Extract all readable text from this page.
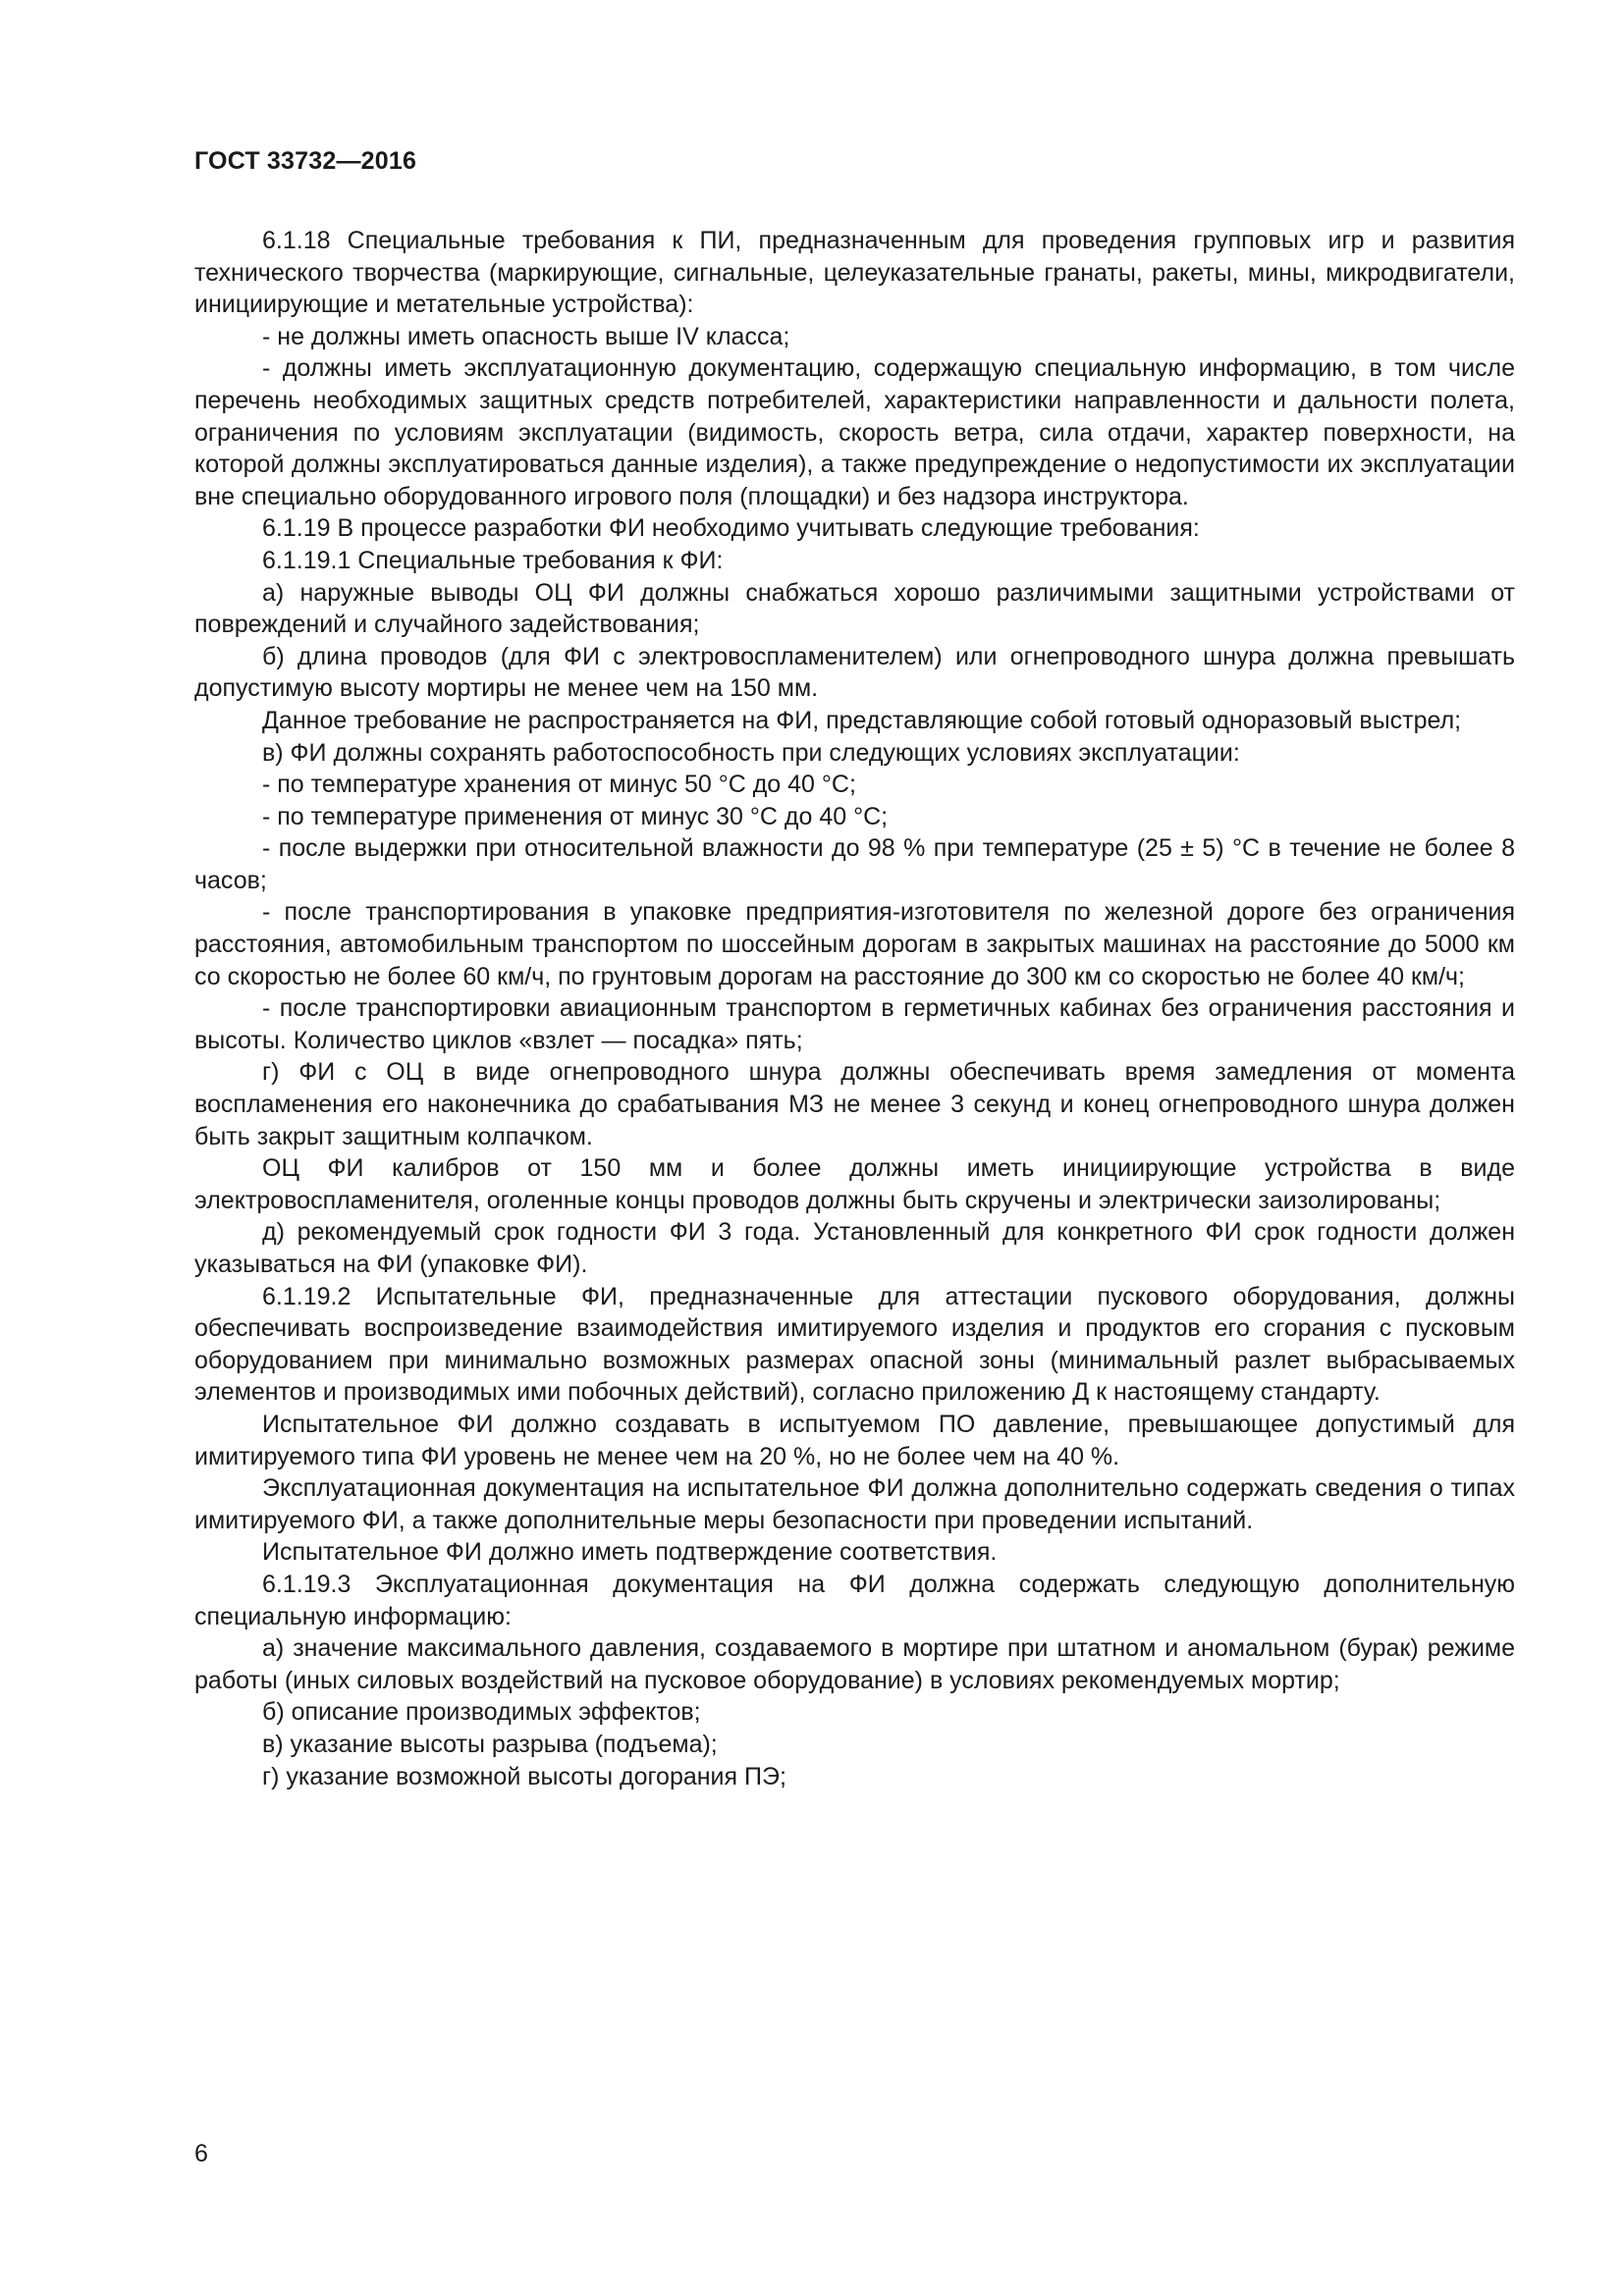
ГОСТ 33732—2016

6.1.18 Специальные требования к ПИ, предназначенным для проведения групповых игр и развития технического творчества (маркирующие, сигнальные, целеуказательные гранаты, ракеты, мины, микродвигатели, инициирующие и метательные устройства):

- не должны иметь опасность выше IV класса;

- должны иметь эксплуатационную документацию, содержащую специальную информацию, в том числе перечень необходимых защитных средств потребителей, характеристики направленности и дальности полета, ограничения по условиям эксплуатации (видимость, скорость ветра, сила отдачи, характер поверхности, на которой должны эксплуатироваться данные изделия), а также предупреждение о недопустимости их эксплуатации вне специально оборудованного игрового поля (площадки) и без надзора инструктора.

6.1.19 В процессе разработки ФИ необходимо учитывать следующие требования:

6.1.19.1 Специальные требования к ФИ:

а) наружные выводы ОЦ ФИ должны снабжаться хорошо различимыми защитными устройствами от повреждений и случайного задействования;

б) длина проводов (для ФИ с электровоспламенителем) или огнепроводного шнура должна превышать допустимую высоту мортиры не менее чем на 150 мм.

Данное требование не распространяется на ФИ, представляющие собой готовый одноразовый выстрел;

в) ФИ должны сохранять работоспособность при следующих условиях эксплуатации:

- по температуре хранения от минус 50 °С до 40 °С;

- по температуре применения от минус 30 °С до 40 °С;

- после выдержки при относительной влажности до 98 % при температуре (25 ± 5) °С в течение не более 8 часов;

- после транспортирования в упаковке предприятия-изготовителя по железной дороге без ограничения расстояния, автомобильным транспортом по шоссейным дорогам в закрытых машинах на расстояние до 5000 км со скоростью не более 60 км/ч, по грунтовым дорогам на расстояние до 300 км со скоростью не более 40 км/ч;

- после транспортировки авиационным транспортом в герметичных кабинах без ограничения расстояния и высоты. Количество циклов «взлет — посадка» пять;

г) ФИ с ОЦ в виде огнепроводного шнура должны обеспечивать время замедления от момента воспламенения его наконечника до срабатывания МЗ не менее 3 секунд и конец огнепроводного шнура должен быть закрыт защитным колпачком.

ОЦ ФИ калибров от 150 мм и более должны иметь инициирующие устройства в виде электровоспламенителя, оголенные концы проводов должны быть скручены и электрически заизолированы;

д) рекомендуемый срок годности ФИ 3 года. Установленный для конкретного ФИ срок годности должен указываться на ФИ (упаковке ФИ).

6.1.19.2 Испытательные ФИ, предназначенные для аттестации пускового оборудования, должны обеспечивать воспроизведение взаимодействия имитируемого изделия и продуктов его сгорания с пусковым оборудованием при минимально возможных размерах опасной зоны (минимальный разлет выбрасываемых элементов и производимых ими побочных действий), согласно приложению Д к настоящему стандарту.

Испытательное ФИ должно создавать в испытуемом ПО давление, превышающее допустимый для имитируемого типа ФИ уровень не менее чем на 20 %, но не более чем на 40 %.

Эксплуатационная документация на испытательное ФИ должна дополнительно содержать сведения о типах имитируемого ФИ, а также дополнительные меры безопасности при проведении испытаний.

Испытательное ФИ должно иметь подтверждение соответствия.

6.1.19.3 Эксплуатационная документация на ФИ должна содержать следующую дополнительную специальную информацию:

а) значение максимального давления, создаваемого в мортире при штатном и аномальном (бурак) режиме работы (иных силовых воздействий на пусковое оборудование) в условиях рекомендуемых мортир;

б) описание производимых эффектов;

в) указание высоты разрыва (подъема);

г) указание возможной высоты догорания ПЭ;

6
